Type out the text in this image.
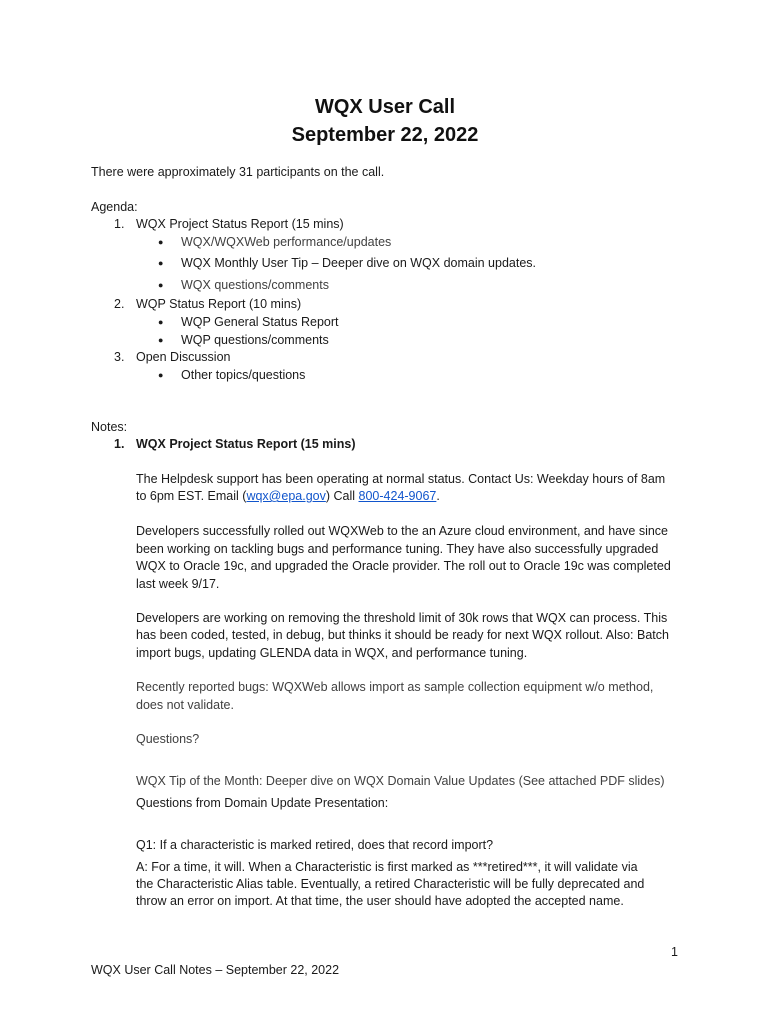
WQX User Call
September 22, 2022
There were approximately 31 participants on the call.
Agenda:
1. WQX Project Status Report (15 mins)
● WQX/WQXWeb performance/updates
● WQX Monthly User Tip – Deeper dive on WQX domain updates.
● WQX questions/comments
2. WQP Status Report (10 mins)
● WQP General Status Report
● WQP questions/comments
3. Open Discussion
● Other topics/questions
Notes:
1. WQX Project Status Report (15 mins)
The Helpdesk support has been operating at normal status. Contact Us: Weekday hours of 8am
to 6pm EST. Email (wqx@epa.gov) Call 800-424-9067.
Developers successfully rolled out WQXWeb to the an Azure cloud environment, and have since
been working on tackling bugs and performance tuning. They have also successfully upgraded
WQX to Oracle 19c, and upgraded the Oracle provider. The roll out to Oracle 19c was completed
last week 9/17.
Developers are working on removing the threshold limit of 30k rows that WQX can process. This
has been coded, tested, in debug, but thinks it should be ready for next WQX rollout. Also: Batch
import bugs, updating GLENDA data in WQX, and performance tuning.
Recently reported bugs: WQXWeb allows import as sample collection equipment w/o method,
does not validate.
Questions?
WQX Tip of the Month: Deeper dive on WQX Domain Value Updates (See attached PDF slides)
Questions from Domain Update Presentation:
Q1: If a characteristic is marked retired, does that record import?
A: For a time, it will. When a Characteristic is first marked as ***retired***, it will validate via
the Characteristic Alias table. Eventually, a retired Characteristic will be fully deprecated and
throw an error on import. At that time, the user should have adopted the accepted name.
1
WQX User Call Notes – September 22, 2022
